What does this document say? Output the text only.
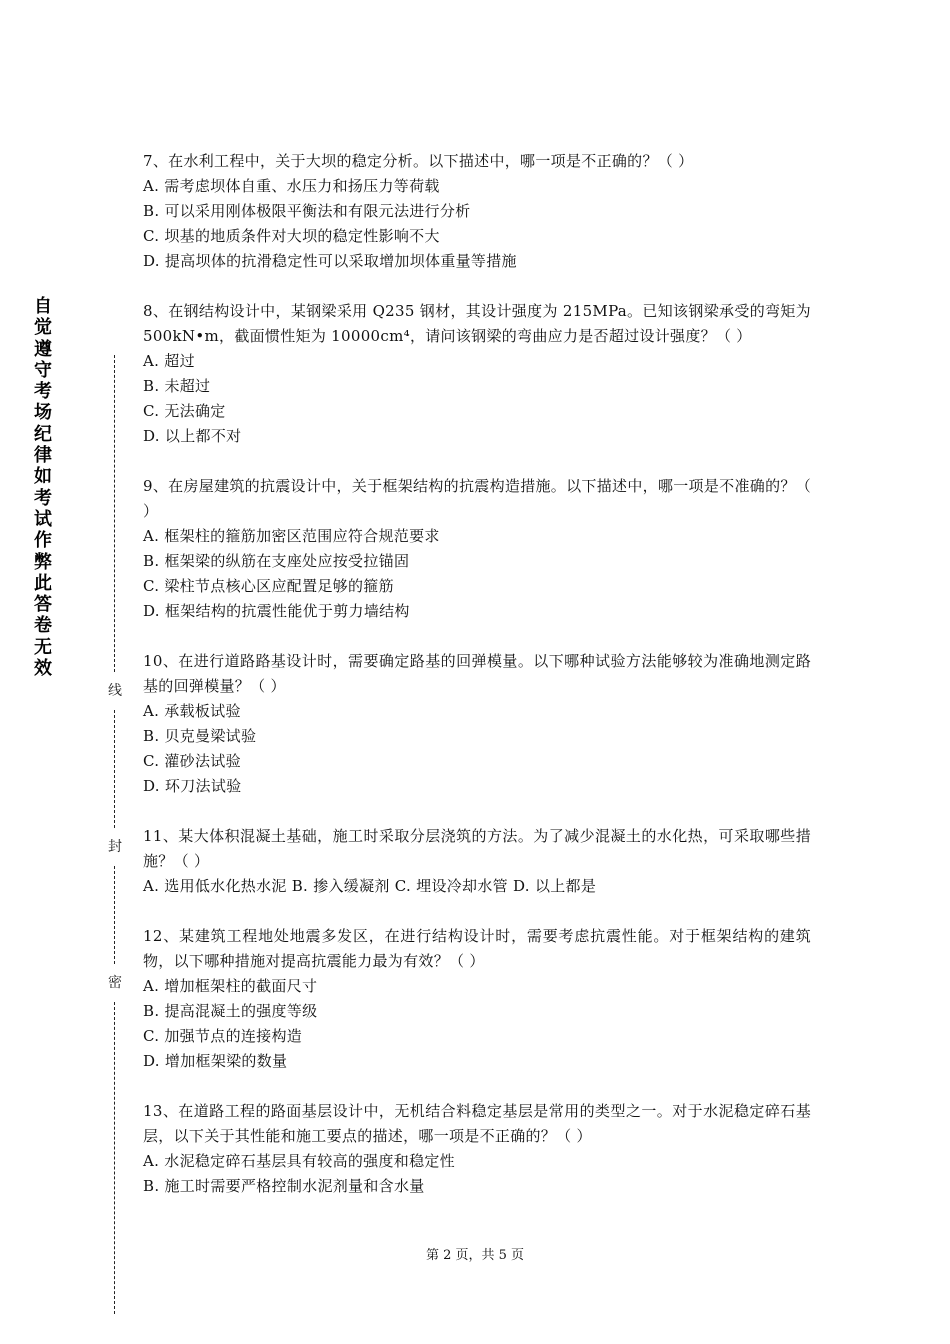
自觉遵守考场纪律如考试作弊此答卷无效
线
封
密

7、在水利工程中，关于大坝的稳定分析。以下描述中，哪一项是不正确的？（ ）

A. 需考虑坝体自重、水压力和扬压力等荷载

B. 可以采用刚体极限平衡法和有限元法进行分析

C. 坝基的地质条件对大坝的稳定性影响不大

D. 提高坝体的抗滑稳定性可以采取增加坝体重量等措施

8、在钢结构设计中，某钢梁采用 Q235 钢材，其设计强度为 215MPa。已知该钢梁承受的弯矩为 500kN•m，截面惯性矩为 10000cm⁴，请问该钢梁的弯曲应力是否超过设计强度？（ ）

A. 超过

B. 未超过

C. 无法确定

D. 以上都不对

9、在房屋建筑的抗震设计中，关于框架结构的抗震构造措施。以下描述中，哪一项是不准确的？（ ）

A. 框架柱的箍筋加密区范围应符合规范要求

B. 框架梁的纵筋在支座处应按受拉锚固

C. 梁柱节点核心区应配置足够的箍筋

D. 框架结构的抗震性能优于剪力墙结构

10、在进行道路路基设计时，需要确定路基的回弹模量。以下哪种试验方法能够较为准确地测定路基的回弹模量？（ ）

A. 承载板试验

B. 贝克曼梁试验

C. 灌砂法试验

D. 环刀法试验

11、某大体积混凝土基础，施工时采取分层浇筑的方法。为了减少混凝土的水化热，可采取哪些措施？（ ）

A. 选用低水化热水泥 B. 掺入缓凝剂 C. 埋设冷却水管 D. 以上都是

12、某建筑工程地处地震多发区，在进行结构设计时，需要考虑抗震性能。对于框架结构的建筑物，以下哪种措施对提高抗震能力最为有效？（ ）

A. 增加框架柱的截面尺寸

B. 提高混凝土的强度等级

C. 加强节点的连接构造

D. 增加框架梁的数量

13、在道路工程的路面基层设计中，无机结合料稳定基层是常用的类型之一。对于水泥稳定碎石基层，以下关于其性能和施工要点的描述，哪一项是不正确的？（ ）

A. 水泥稳定碎石基层具有较高的强度和稳定性

B. 施工时需要严格控制水泥剂量和含水量

第 2 页，共 5 页
